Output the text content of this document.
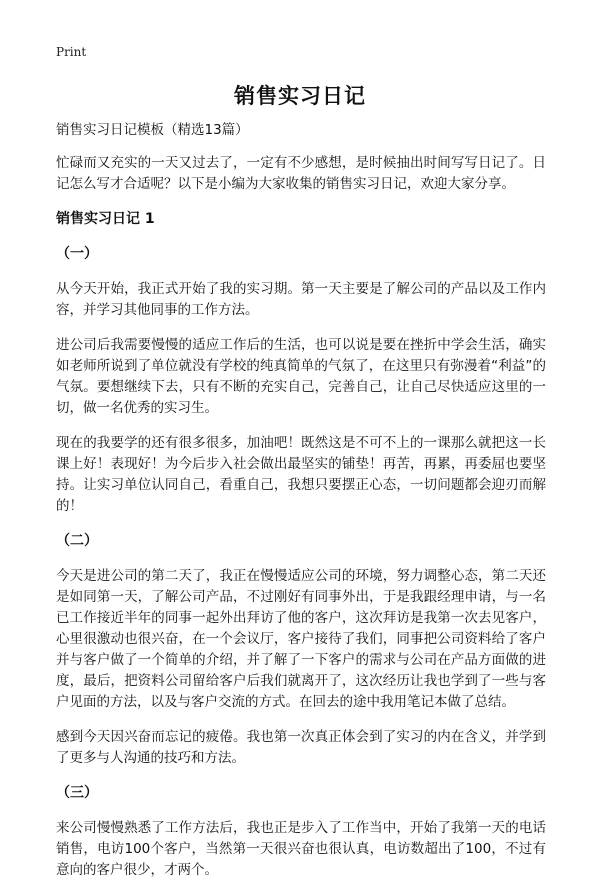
Print
销售实习日记

销售实习日记模板（精选13篇）

忙碌而又充实的一天又过去了，一定有不少感想，是时候抽出时间写写日记了。日记怎么写才合适呢？以下是小编为大家收集的销售实习日记，欢迎大家分享。

销售实习日记 1
（一）

从今天开始，我正式开始了我的实习期。第一天主要是了解公司的产品以及工作内容，并学习其他同事的工作方法。

进公司后我需要慢慢的适应工作后的生活，也可以说是要在挫折中学会生活，确实如老师所说到了单位就没有学校的纯真简单的气氛了，在这里只有弥漫着“利益”的气氛。要想继续下去，只有不断的充实自己，完善自己，让自己尽快适应这里的一切，做一名优秀的实习生。

现在的我要学的还有很多很多，加油吧！既然这是不可不上的一课那么就把这一长课上好！表现好！为今后步入社会做出最坚实的铺垫！再苦，再累，再委屈也要坚持。让实习单位认同自己，看重自己，我想只要摆正心态，一切问题都会迎刃而解的！

（二）

今天是进公司的第二天了，我正在慢慢适应公司的环境，努力调整心态，第二天还是如同第一天，了解公司产品，不过刚好有同事外出，于是我跟经理申请，与一名已工作接近半年的同事一起外出拜访了他的客户，这次拜访是我第一次去见客户，心里很激动也很兴奋，在一个会议厅，客户接待了我们，同事把公司资料给了客户并与客户做了一个简单的介绍，并了解了一下客户的需求与公司在产品方面做的进度，最后，把资料公司留给客户后我们就离开了，这次经历让我也学到了一些与客户见面的方法，以及与客户交流的方式。在回去的途中我用笔记本做了总结。

感到今天因兴奋而忘记的疲倦。我也第一次真正体会到了实习的内在含义，并学到了更多与人沟通的技巧和方法。

（三）

来公司慢慢熟悉了工作方法后，我也正是步入了工作当中，开始了我第一天的电话销售，电访100个客户，当然第一天很兴奋也很认真，电访数超出了100，不过有意向的客户很少，才两个。
